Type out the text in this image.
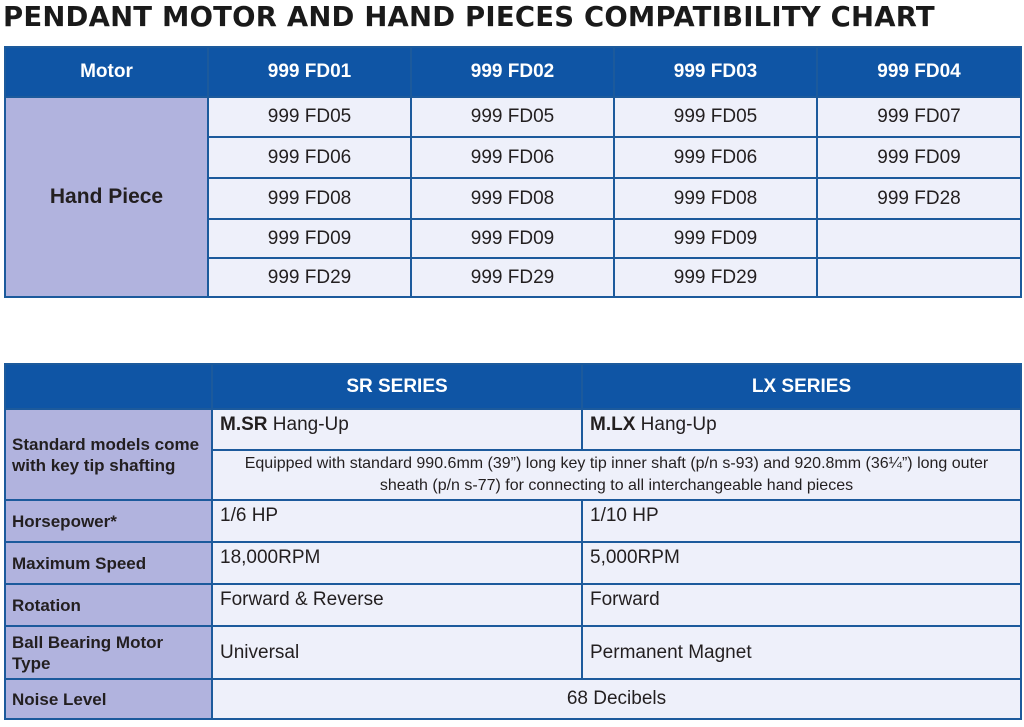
PENDANT MOTOR AND HAND PIECES COMPATIBILITY CHART
Motor	999 FD01	999 FD02	999 FD03	999 FD04
Hand Piece	999 FD05	999 FD05	999 FD05	999 FD07
	999 FD06	999 FD06	999 FD06	999 FD09
	999 FD08	999 FD08	999 FD08	999 FD28
	999 FD09	999 FD09	999 FD09	
	999 FD29	999 FD29	999 FD29	
	SR SERIES	LX SERIES
Standard models come with key tip shafting	M.SR Hang-Up	M.LX Hang-Up
	Equipped with standard 990.6mm (39”) long key tip inner shaft (p/n s-93) and 920.8mm (36¼”) long outer sheath (p/n s-77) for connecting to all interchangeable hand pieces	
Horsepower*	1/6 HP	1/10 HP
Maximum Speed	18,000RPM	5,000RPM
Rotation	Forward & Reverse	Forward
Ball Bearing Motor Type	Universal	Permanent Magnet
Noise Level	68 Decibels	
